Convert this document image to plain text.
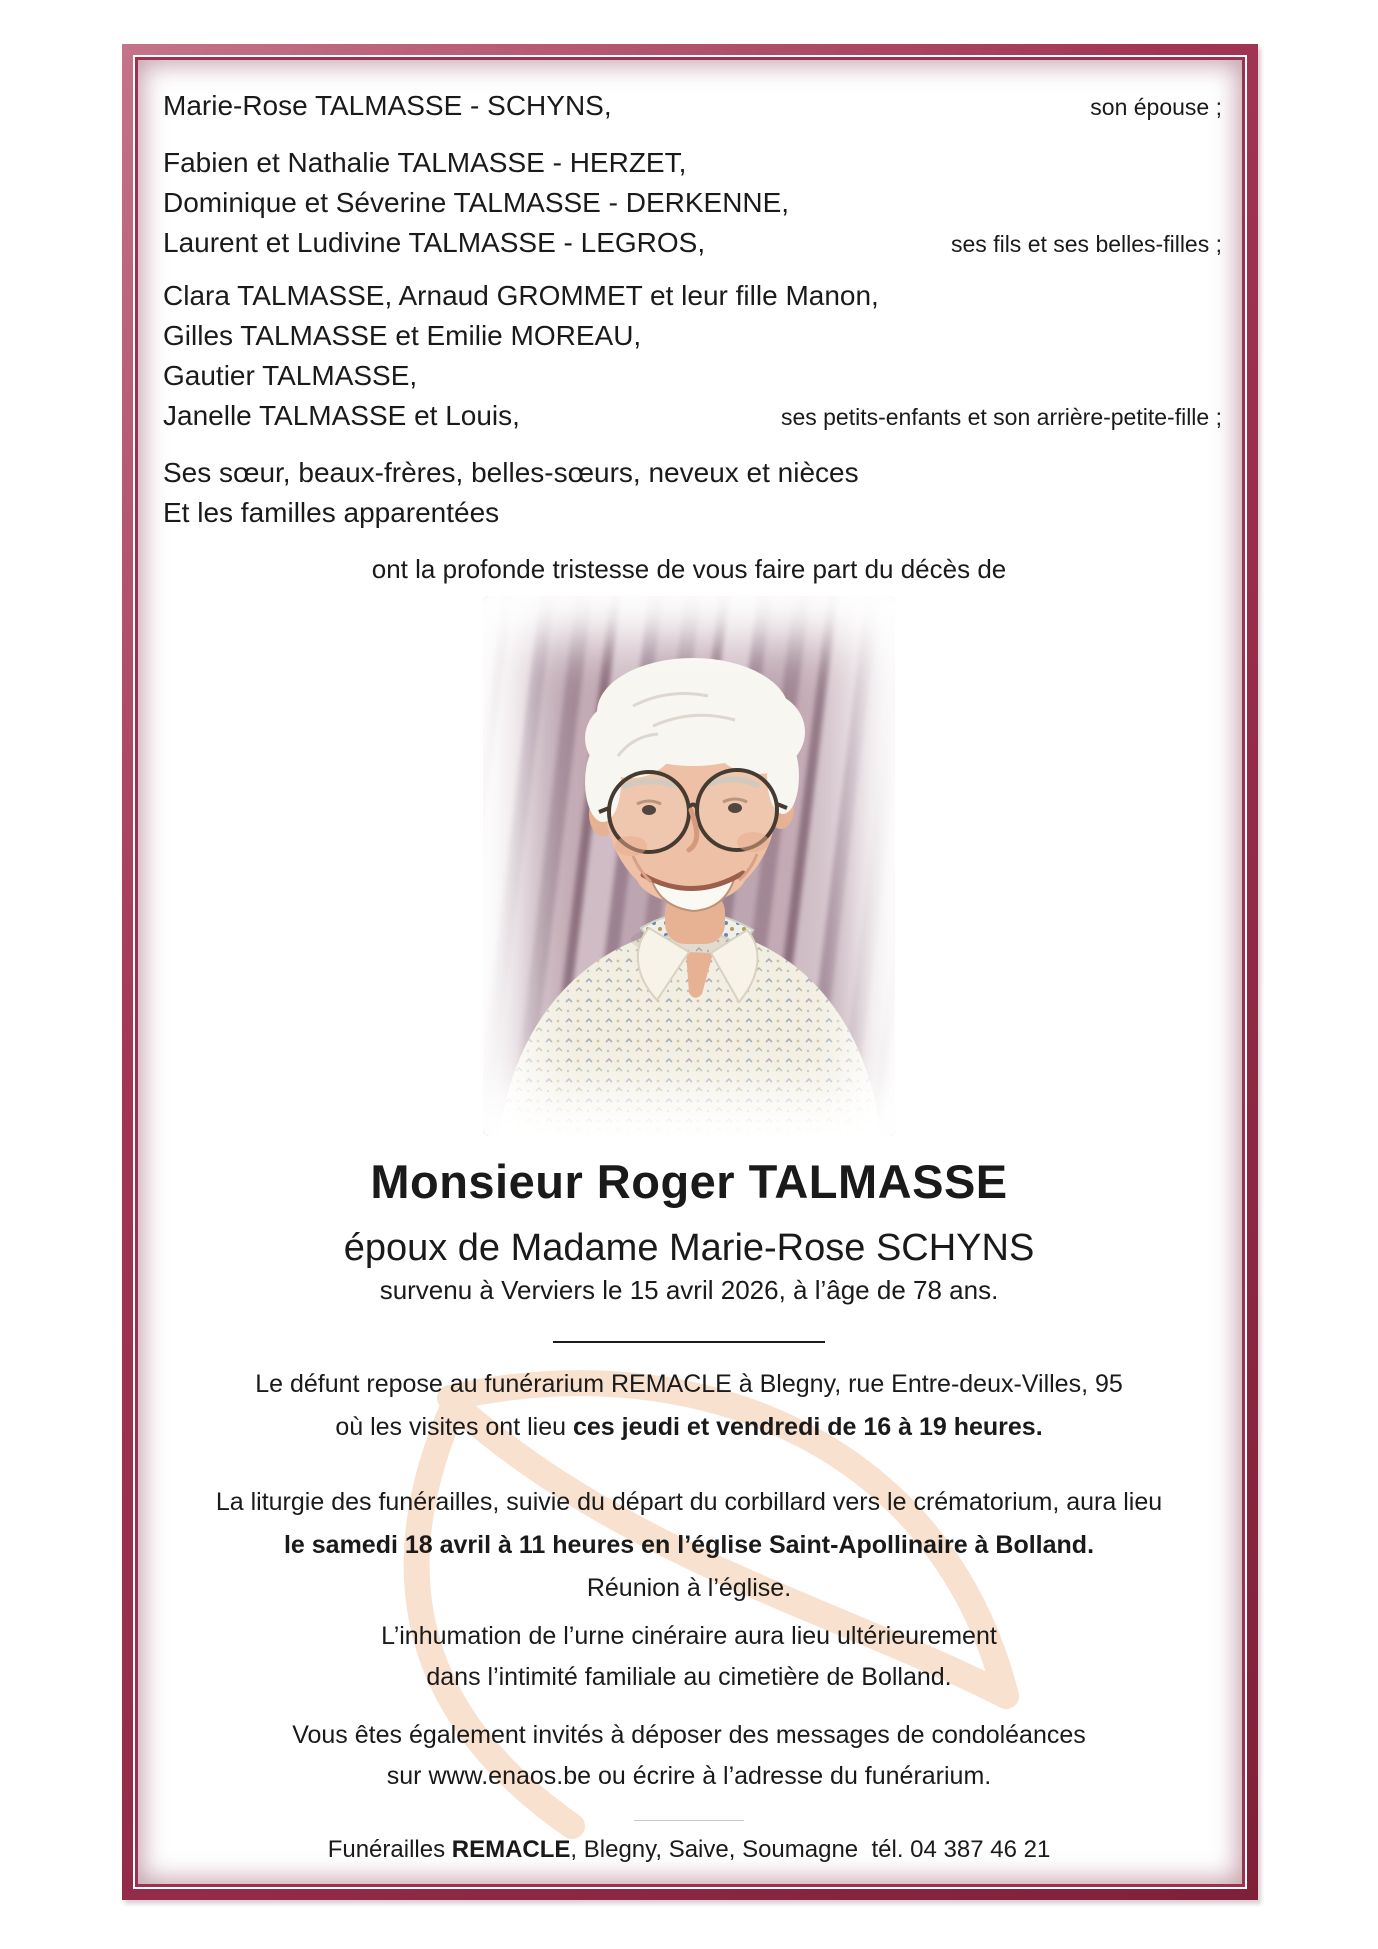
Marie-Rose TALMASSE - SCHYNS,	son épouse ;
Fabien et Nathalie TALMASSE - HERZET,
Dominique et Séverine TALMASSE - DERKENNE,
Laurent et Ludivine TALMASSE - LEGROS,	ses fils et ses belles-filles ;
Clara TALMASSE, Arnaud GROMMET et leur fille Manon,
Gilles TALMASSE et Emilie MOREAU,
Gautier TALMASSE,
Janelle TALMASSE et Louis,	ses petits-enfants et son arrière-petite-fille ;
Ses sœur, beaux-frères, belles-sœurs, neveux et nièces
Et les familles apparentées
ont la profonde tristesse de vous faire part du décès de
Monsieur Roger TALMASSE
époux de Madame Marie-Rose SCHYNS
survenu à Verviers le 15 avril 2026, à l’âge de 78 ans.
Le défunt repose au funérarium REMACLE à Blegny, rue Entre-deux-Villes, 95
où les visites ont lieu ces jeudi et vendredi de 16 à 19 heures.
La liturgie des funérailles, suivie du départ du corbillard vers le crématorium, aura lieu
le samedi 18 avril à 11 heures en l’église Saint-Apollinaire à Bolland.
Réunion à l’église.
L’inhumation de l’urne cinéraire aura lieu ultérieurement
dans l’intimité familiale au cimetière de Bolland.
Vous êtes également invités à déposer des messages de condoléances
sur www.enaos.be ou écrire à l’adresse du funérarium.
Funérailles REMACLE, Blegny, Saive, Soumagne  tél. 04 387 46 21
